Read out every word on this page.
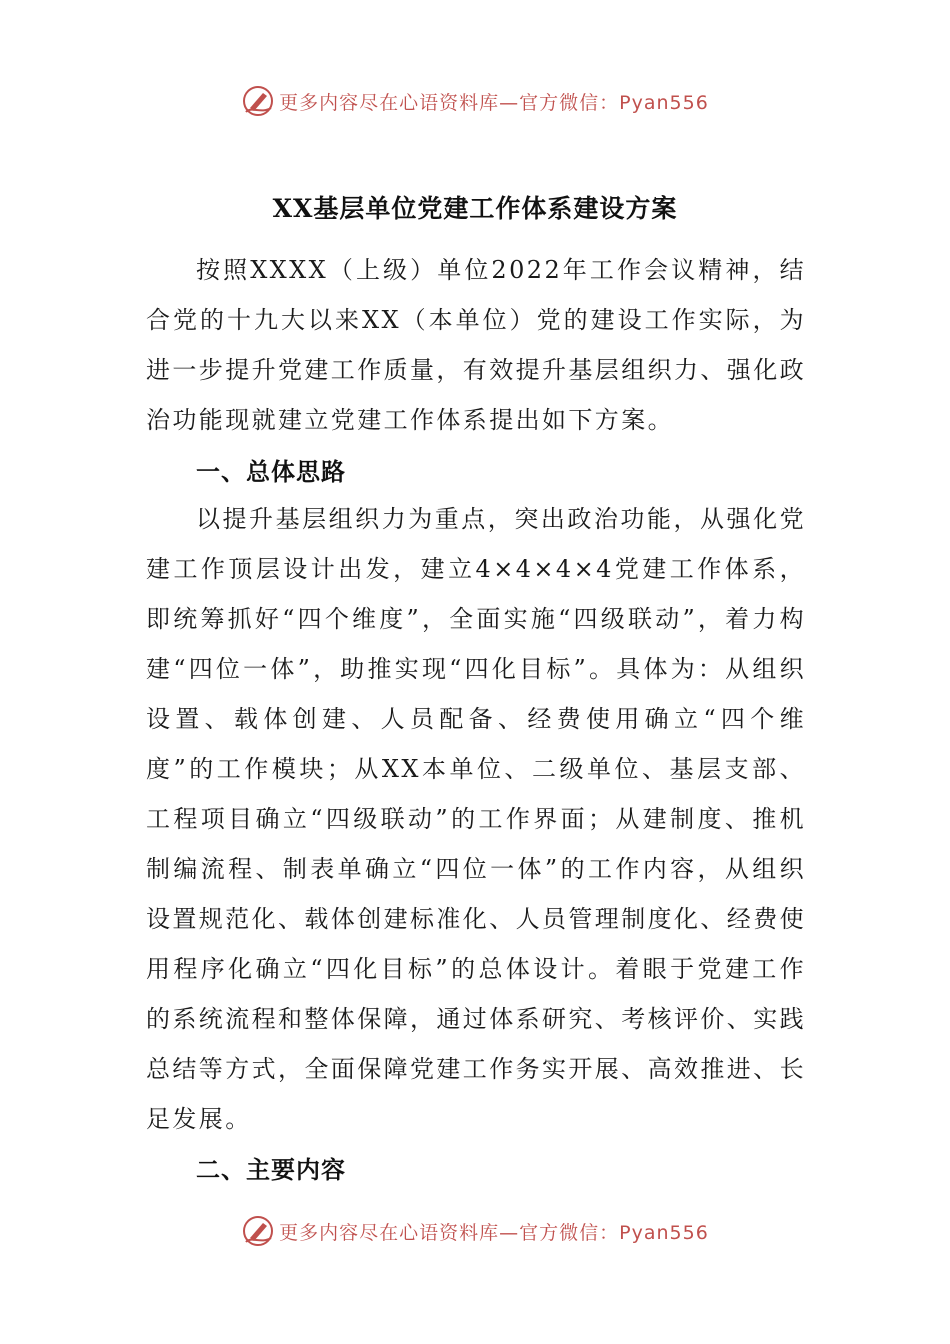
更多内容尽在心语资料库—官方微信：Pyan556
XX基层单位党建工作体系建设方案

按照XXXX（上级）单位2022年工作会议精神，结合党的十九大以来XX（本单位）党的建设工作实际，为进一步提升党建工作质量，有效提升基层组织力、强化政治功能现就建立党建工作体系提出如下方案。

一、总体思路

以提升基层组织力为重点，突出政治功能，从强化党建工作顶层设计出发，建立4×4×4×4党建工作体系，即统筹抓好“四个维度”，全面实施“四级联动”，着力构建“四位一体”，助推实现“四化目标”。具体为：从组织设置、载体创建、人员配备、经费使用确立“四个维度”的工作模块；从XX本单位、二级单位、基层支部、工程项目确立“四级联动”的工作界面；从建制度、推机制编流程、制表单确立“四位一体”的工作内容，从组织设置规范化、载体创建标准化、人员管理制度化、经费使用程序化确立“四化目标”的总体设计。着眼于党建工作的系统流程和整体保障，通过体系研究、考核评价、实践总结等方式，全面保障党建工作务实开展、高效推进、长足发展。

二、主要内容
更多内容尽在心语资料库—官方微信：Pyan556
